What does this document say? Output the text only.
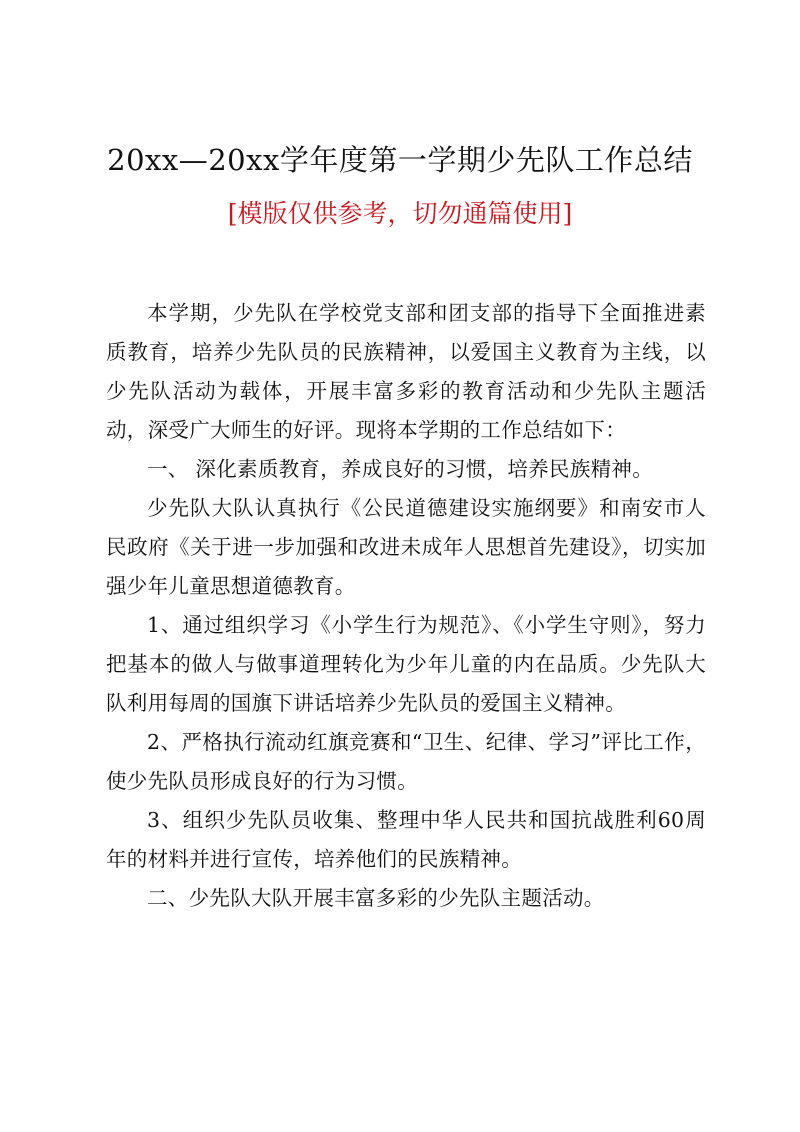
20xx—20xx学年度第一学期少先队工作总结
[模版仅供参考，切勿通篇使用]

本学期，少先队在学校党支部和团支部的指导下全面推进素质教育，培养少先队员的民族精神，以爱国主义教育为主线，以少先队活动为载体，开展丰富多彩的教育活动和少先队主题活动，深受广大师生的好评。现将本学期的工作总结如下：

一、 深化素质教育，养成良好的习惯，培养民族精神。

少先队大队认真执行《公民道德建设实施纲要》和南安市人民政府《关于进一步加强和改进未成年人思想首先建设》，切实加强少年儿童思想道德教育。

1、通过组织学习《小学生行为规范》、《小学生守则》，努力把基本的做人与做事道理转化为少年儿童的内在品质。少先队大队利用每周的国旗下讲话培养少先队员的爱国主义精神。

2、严格执行流动红旗竞赛和“卫生、纪律、学习”评比工作，使少先队员形成良好的行为习惯。

3、组织少先队员收集、整理中华人民共和国抗战胜利60周年的材料并进行宣传，培养他们的民族精神。

二、少先队大队开展丰富多彩的少先队主题活动。
